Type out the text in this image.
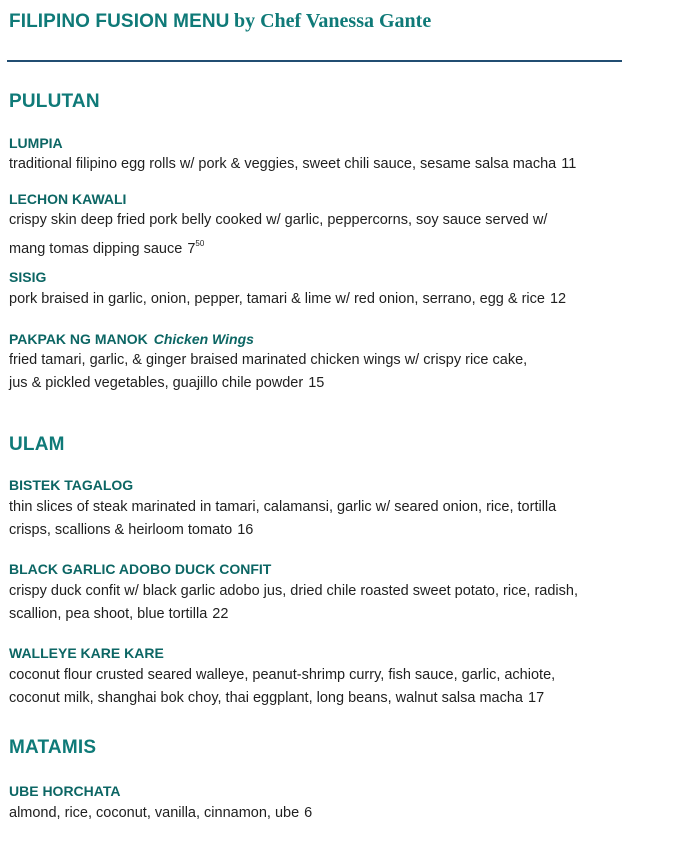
FILIPINO FUSION MENU by Chef Vanessa Gante
PULUTAN
LUMPIA
traditional filipino egg rolls w/ pork & veggies, sweet chili sauce, sesame salsa macha 11
LECHON KAWALI
crispy skin deep fried pork belly cooked w/ garlic, peppercorns, soy sauce served w/
mang tomas dipping sauce $7^{50}$
SISIG
pork braised in garlic, onion, pepper, tamari & lime w/ red onion, serrano, egg & rice 12
PAKPAK NG MANOK Chicken Wings
fried tamari, garlic, & ginger braised marinated chicken wings w/ crispy rice cake,
jus & pickled vegetables, guajillo chile powder 15
ULAM
BISTEK TAGALOG
thin slices of steak marinated in tamari, calamansi, garlic w/ seared onion, rice, tortilla
crisps, scallions & heirloom tomato 16
BLACK GARLIC ADOBO DUCK CONFIT
crispy duck confit w/ black garlic adobo jus, dried chile roasted sweet potato, rice, radish,
scallion, pea shoot, blue tortilla 22
WALLEYE KARE KARE
coconut flour crusted seared walleye, peanut-shrimp curry, fish sauce, garlic, achiote,
coconut milk, shanghai bok choy, thai eggplant, long beans, walnut salsa macha 17
MATAMIS
UBE HORCHATA
almond, rice, coconut, vanilla, cinnamon, ube 6
